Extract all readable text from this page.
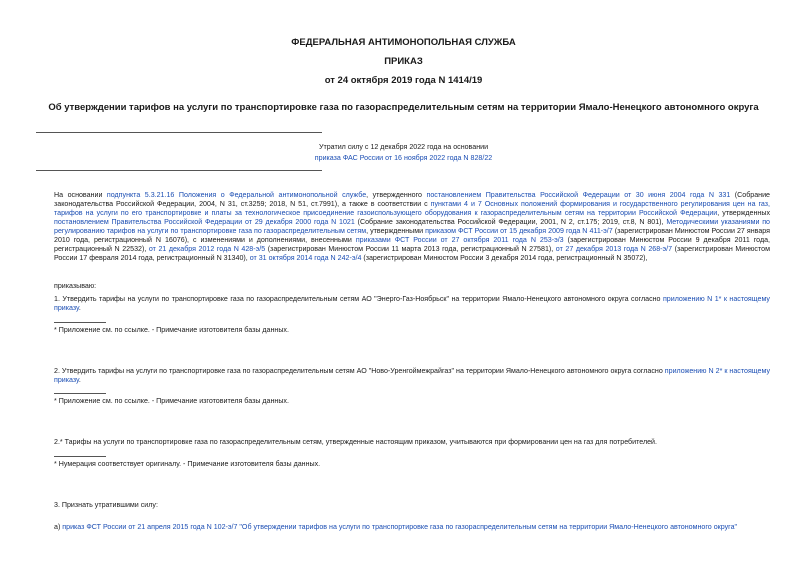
ФЕДЕРАЛЬНАЯ АНТИМОНОПОЛЬНАЯ СЛУЖБА
ПРИКАЗ
от 24 октября 2019 года N 1414/19
Об утверждении тарифов на услуги по транспортировке газа по газораспределительным сетям на территории Ямало-Ненецкого автономного округа
Утратил силу с 12 декабря 2022 года на основании
приказа ФАС России от 16 ноября 2022 года N 828/22
На основании подпункта 5.3.21.16 Положения о Федеральной антимонопольной службе, утвержденного постановлением Правительства Российской Федерации от 30 июня 2004 года N 331 (Собрание законодательства Российской Федерации, 2004, N 31, ст.3259; 2018, N 51, ст.7991), а также в соответствии с пунктами 4 и 7 Основных положений формирования и государственного регулирования цен на газ, тарифов на услуги по его транспортировке и платы за технологическое присоединение газоиспользующего оборудования к газораспределительным сетям на территории Российской Федерации, утвержденных постановлением Правительства Российской Федерации от 29 декабря 2000 года N 1021 (Собрание законодательства Российской Федерации, 2001, N 2, ст.175; 2019, ст.8, N 801), Методическими указаниями по регулированию тарифов на услуги по транспортировке газа по газораспределительным сетям, утвержденными приказом ФСТ России от 15 декабря 2009 года N 411-э/7 (зарегистрирован Минюстом России 27 января 2010 года, регистрационный N 16076), с изменениями и дополнениями, внесенными приказами ФСТ России от 27 октября 2011 года N 253-э/3 (зарегистрирован Минюстом России 9 декабря 2011 года, регистрационный N 22532), от 21 декабря 2012 года N 428-э/5 (зарегистрирован Минюстом России 11 марта 2013 года, регистрационный N 27581), от 27 декабря 2013 года N 268-э/7 (зарегистрирован Минюстом России 17 февраля 2014 года, регистрационный N 31340), от 31 октября 2014 года N 242-э/4 (зарегистрирован Минюстом России 3 декабря 2014 года, регистрационный N 35072),
приказываю:
1. Утвердить тарифы на услуги по транспортировке газа по газораспределительным сетям АО "Энерго-Газ-Ноябрьск" на территории Ямало-Ненецкого автономного округа согласно приложению N 1* к настоящему приказу.
* Приложение см. по ссылке. - Примечание изготовителя базы данных.
2. Утвердить тарифы на услуги по транспортировке газа по газораспределительным сетям АО "Ново-Уренгоймежрайгаз" на территории Ямало-Ненецкого автономного округа согласно приложению N 2* к настоящему приказу.
* Приложение см. по ссылке. - Примечание изготовителя базы данных.
2.* Тарифы на услуги по транспортировке газа по газораспределительным сетям, утвержденные настоящим приказом, учитываются при формировании цен на газ для потребителей.
* Нумерация соответствует оригиналу. - Примечание изготовителя базы данных.
3. Признать утратившими силу:
а) приказ ФСТ России от 21 апреля 2015 года N 102-э/7 "Об утверждении тарифов на услуги по транспортировке газа по газораспределительным сетям на территории Ямало-Ненецкого автономного округа"
